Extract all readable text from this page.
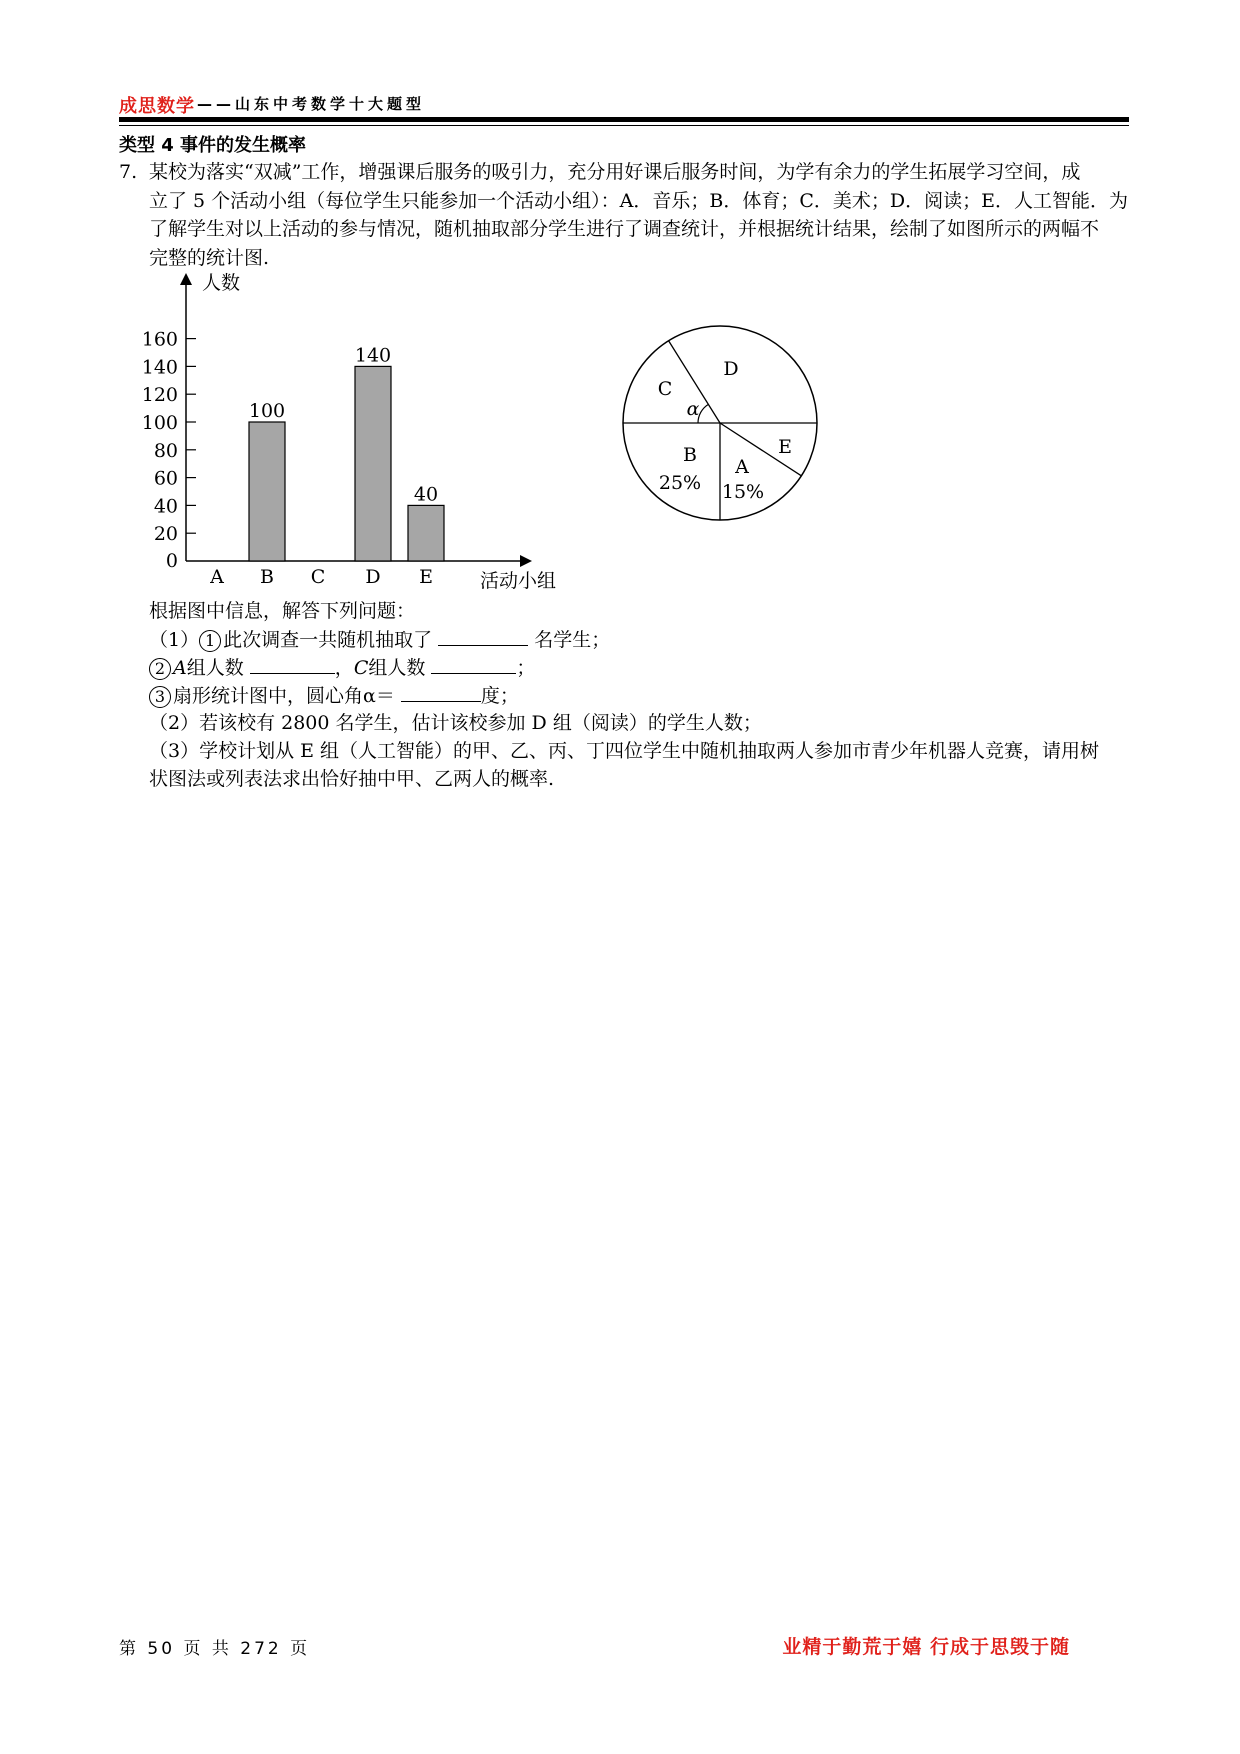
成思数学 ——山东中考数学十大题型
类型 4 事件的发生概率
7. 某校为落实“双减”工作，增强课后服务的吸引力，充分用好课后服务时间，为学有余力的学生拓展学习空间，成

立了 5 个活动小组（每位学生只能参加一个活动小组）：A．音乐；B．体育；C．美术；D．阅读；E．人工智能．为

了解学生对以上活动的参与情况，随机抽取部分学生进行了调查统计，并根据统计结果，绘制了如图所示的两幅不

完整的统计图.

人数
活动小组
0
20
40
60
80
100
120
140
160
A B
100
C D
140
E
40
D
C
α
E
B
25%
A
15%
根据图中信息，解答下列问题：
（1） 1 此次调查一共随机抽取了	名学生；
2 A组人数	，C组人数	；
3 扇形统计图中，圆心角α＝	度；
（2）若该校有 2800 名学生，估计该校参加 D 组（阅读）的学生人数；
（3）学校计划从 E 组（人工智能）的甲、乙、丙、丁四位学生中随机抽取两人参加市青少年机器人竞赛，请用树
状图法或列表法求出恰好抽中甲、乙两人的概率.
第 50 页 共 272 页	业精于勤荒于嬉 行成于思毁于随
